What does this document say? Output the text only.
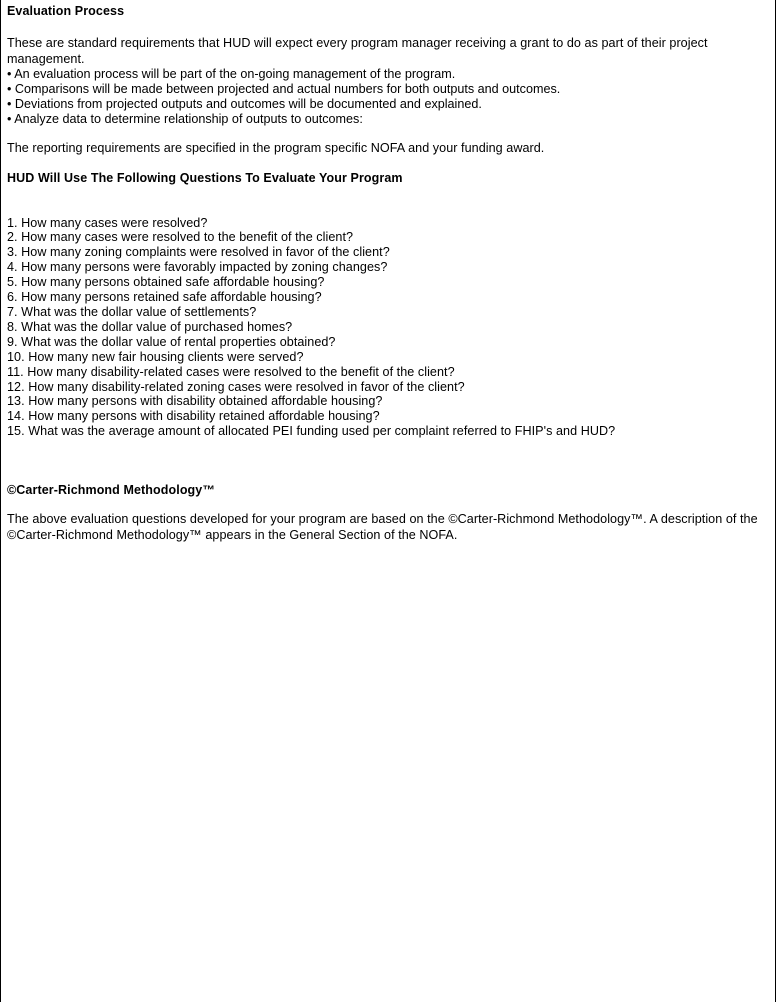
Evaluation Process

These are standard requirements that HUD will expect every program manager receiving a grant to do as part of their project management.

• An evaluation process will be part of the on-going management of the program.
• Comparisons will be made between projected and actual numbers for both outputs and outcomes.
• Deviations from projected outputs and outcomes will be documented and explained.
• Analyze data to determine relationship of outputs to outcomes:

The reporting requirements are specified in the program specific NOFA and your funding award.

HUD Will Use The Following Questions To Evaluate Your Program
1. How many cases were resolved?
2. How many cases were resolved to the benefit of the client?
3. How many zoning complaints were resolved in favor of the client?
4. How many persons were favorably impacted by zoning changes?
5. How many persons obtained safe affordable housing?
6. How many persons retained safe affordable housing?
7. What was the dollar value of settlements?
8. What was the dollar value of purchased homes?
9. What was the dollar value of rental properties obtained?
10. How many new fair housing clients were served?
11. How many disability-related cases were resolved to the benefit of the client?
12. How many disability-related zoning cases were resolved in favor of the client?
13. How many persons with disability obtained affordable housing?
14. How many persons with disability retained affordable housing?
15. What was the average amount of allocated PEI funding used per complaint referred to FHIP's and HUD?
©Carter-Richmond Methodology™

The above evaluation questions developed for your program are based on the ©Carter-Richmond Methodology™. A description of the ©Carter-Richmond Methodology™ appears in the General Section of the NOFA.
